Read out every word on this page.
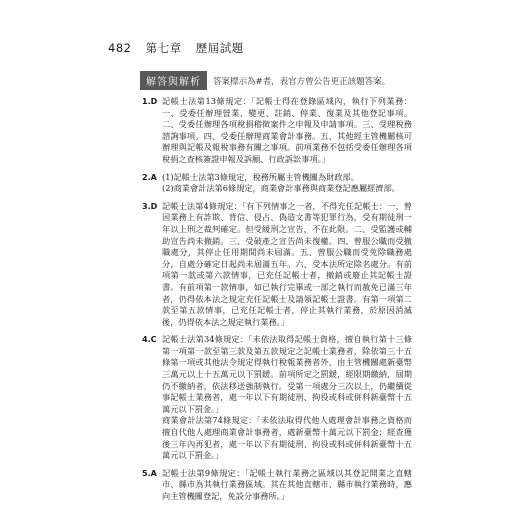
482 第七章 歷屆試題
解答與解析	答案標示為#者，表官方曾公告更正該題答案。
1.D 記帳士法第13條規定：「記帳士得在登錄區域內，執行下列業務：一、受委任辦理營業、變更、註銷、停業、復業及其他登記事項。二、受委任辦理各項稅捐稽徵案件之申報及申請事項。三、受理稅務諮詢事項。四、受委任辦理商業會計事務。五、其他經主管機關核可辦理與記帳及報稅事務有關之事項。前項業務不包括受委任辦理各項稅捐之查核簽證申報及訴願、行政訴訟事項。」

2.A (1)記帳士法第3條規定，稅務所屬主管機關為財政部。

(2)商業會計法第6條規定，商業會計事務與商業登記應屬經濟部。

3.D 記帳士法第4條規定：「有下列情事之一者，不得充任記帳士：一、曾因業務上有詐欺、背信、侵占、偽造文書等犯罪行為，受有期徒刑一年以上刑之裁判確定。但受緩刑之宣告，不在此限。二、受監護或輔助宣告尚未撤銷。三、受破產之宣告尚未復權。四、曾服公職而受撤職處分，其停止任用期間尚未屆滿。五、曾服公職而受免除職務處分，自處分確定日起尚未屆滿五年。六、受本法所定除名處分。有前項第一款或第六款情事，已充任記帳士者，撤銷或廢止其記帳士證書。有前項第一款情事，如已執行完畢或一部之執行而赦免已滿三年者，仍得依本法之規定充任記帳士及請領記帳士證書。有第一項第二款至第五款情事，已充任記帳士者，停止其執行業務，於原因消滅後，仍得依本法之規定執行業務。」

4.C 記帳士法第34條規定：「未依法取得記帳士資格，擅自執行第十三條第一項第一款至第三款及第五款規定之記帳士業務者，除依第三十五條第一項或其他法令規定得執行稅報業務者外，由主管機關處新臺幣三萬元以上十五萬元以下罰鍰。前項所定之罰鍰，經限期繳納，屆期仍不繳納者，依法移送強制執行。受第一項處分三次以上，仍繼續從事記帳士業務者，處一年以下有期徒刑、拘役或科或併科新臺幣十五萬元以下罰金。」

商業會計法第74條規定：「未依法取得代他人處理會計事務之資格而擅自代他人處理商業會計事務者，處新臺幣十萬元以下罰金；經查獲後三年內再犯者，處一年以下有期徒刑、拘役或科或併科新臺幣十五萬元以下罰金。」

5.A 記帳士法第9條規定：「記帳士執行業務之區域以其登記開業之直轄市、縣市為其執行業務區域。其在其他直轄市、縣市執行業務時，應向主管機關登記，免設分事務所。」
